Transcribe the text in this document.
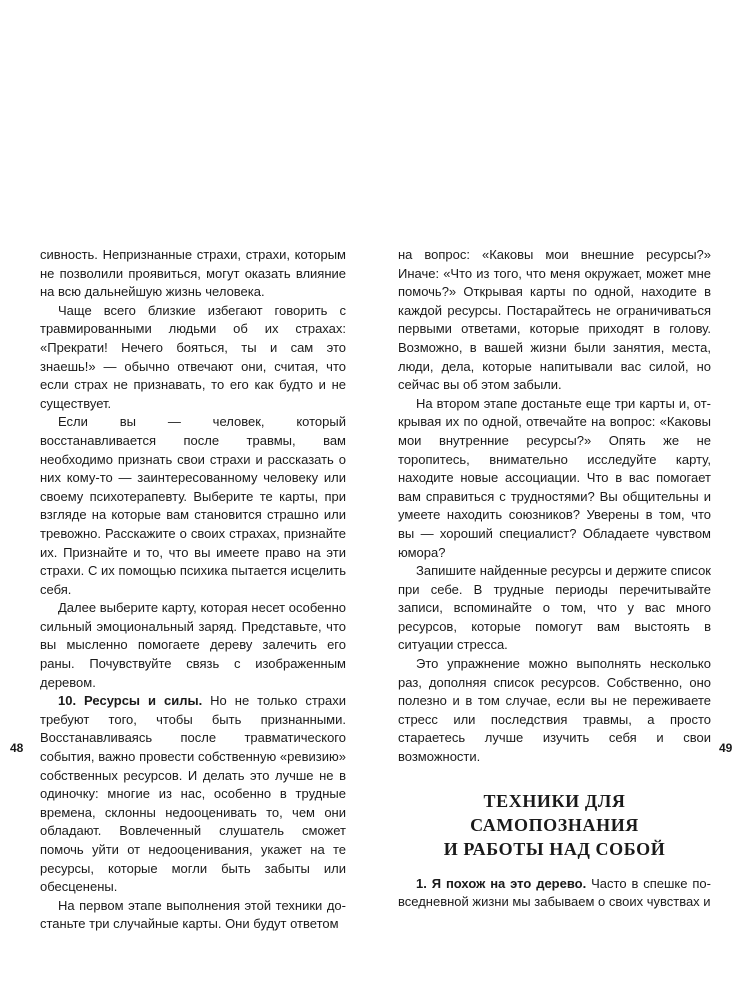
сивность. Непризнанные страхи, страхи, которым не позволили проявиться, могут оказать влияние на всю дальнейшую жизнь человека.

Чаще всего близкие избегают говорить с травмированными людьми об их страхах: «Прекрати! Нечего бояться, ты и сам это знаешь!» — обычно отвечают они, считая, что если страх не признавать, то его как будто и не существует.

Если вы — человек, который восстанавливается после травмы, вам необходимо признать свои страхи и рассказать о них кому-то — заинтересованному человеку или своему психотерапевту. Выберите те карты, при взгляде на которые вам становится страшно или тревожно. Расскажите о своих страхах, признайте их. Признайте и то, что вы имеете право на эти страхи. С их помощью психика пытается исцелить себя.

Далее выберите карту, которая несет особенно сильный эмоциональный заряд. Представьте, что вы мысленно помогаете дереву залечить его раны. Почувствуйте связь с изображенным деревом.

10. Ресурсы и силы. Но не только страхи требуют того, чтобы быть признанными. Восстанавливаясь после травматического события, важно провести собственную «ревизию» собственных ресурсов. И делать это лучше не в одиночку: многие из нас, особенно в трудные времена, склонны недооценивать то, чем они обладают. Вовлеченный слушатель сможет помочь уйти от недооценивания, укажет на те ресурсы, которые могли быть забыты или обесценены.

На первом этапе выполнения этой техники достаньте три случайные карты. Они будут ответом

на вопрос: «Каковы мои внешние ресурсы?» Иначе: «Что из того, что меня окружает, может мне помочь?» Открывая карты по одной, находите в каждой ресурсы. Постарайтесь не ограничиваться первыми ответами, которые приходят в голову. Возможно, в вашей жизни были занятия, места, люди, дела, которые напитывали вас силой, но сейчас вы об этом забыли.

На втором этапе достаньте еще три карты и, открывая их по одной, отвечайте на вопрос: «Каковы мои внутренние ресурсы?» Опять же не торопитесь, внимательно исследуйте карту, находите новые ассоциации. Что в вас помогает вам справиться с трудностями? Вы общительны и умеете находить союзников? Уверены в том, что вы — хороший специалист? Обладаете чувством юмора?

Запишите найденные ресурсы и держите список при себе. В трудные периоды перечитывайте записи, вспоминайте о том, что у вас много ресурсов, которые помогут вам выстоять в ситуации стресса.

Это упражнение можно выполнять несколько раз, дополняя список ресурсов. Собственно, оно полезно и в том случае, если вы не переживаете стресс или последствия травмы, а просто стараетесь лучше изучить себя и свои возможности.

ТЕХНИКИ ДЛЯ САМОПОЗНАНИЯ
И РАБОТЫ НАД СОБОЙ

1. Я похож на это дерево. Часто в спешке повседневной жизни мы забываем о своих чувствах и

48	49
